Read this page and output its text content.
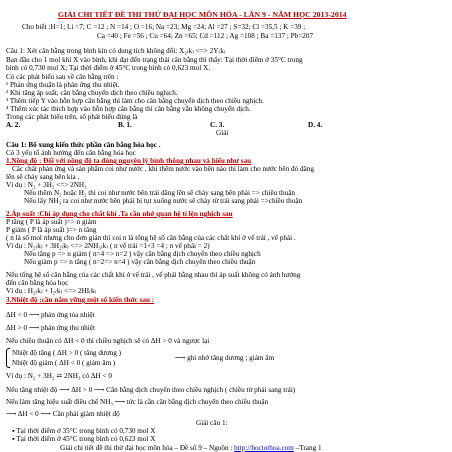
GIẢI CHI TIẾT ĐỀ THI THỬ ĐẠI HỌC MÔN HÓA - LẦN 9 - NĂM HỌC 2013-2014
Cho biết :H=1; Li =7; C =12 ; N =14 ; O =16; Na =23; Mg =24; Al =27 ; S=32; Cl =35,5 ; K =39 ;
Ca =40 ; Fe =56 ; Cu =64; Zn =65; Cd =112 ; Ag =108 ; Ba =137 ; Pb=207
Câu 1: Xét cân bằng trong bình kín có dung tích không đổi: X₂₍k₎ <=> 2Y₍k₎
Ban đầu cho 1 mol khí X vào bình, khi đạt đến trạng thái cân bằng thì thấy: Tại thời điểm ở 35°C trong
bình có 0,730 mol X; Tại thời điểm ở 45°C trong bình có 0,623 mol X.
Có các phát biểu sau về cân bằng trên :
¹ Phản ứng thuận là phản ứng thu nhiệt.
² Khi tăng áp suất, cân bằng chuyển dịch theo chiều nghịch.
³ Thêm tiếp Y vào hỗn hợp cân bằng thì làm cho cân bằng chuyển dịch theo chiều nghịch.
⁴ Thêm xúc tác thích hợp vào hỗn hợp cân bằng thì cân bằng vẫn không chuyển dịch.
Trong các phát biểu trên, số phát biểu đúng là
A. 2.	B. 1.	C. 3.	D. 4.
Giải
Câu 1: Bổ xung kiến thức phần cân bằng hóa học .
Có 3 yếu tố ảnh hưởng đến cân bằng hóa học
1.Nồng độ : Đối với nồng độ ta dùng nguyên lý bình thông nhau và hiểu như sau
Các chất phản ứng và sản phẩm coi như nước , khi thêm nước vào bên nào thì làm cho nước bên đó dâng
lên sẽ chảy sang bên kia .
Ví dụ : N₂ + 3H₂ <=> 2NH₃
Nếu thêm N₂ hoặc H₂ thì coi như nước bên trái dâng lên sẽ chảy sang bên phải => chiều thuận
Nếu lấy NH₃ ra coi như nước bên phải bị tụt xuống nước sẽ chảy từ trái sang phải =>chiều thuận
2.Áp suất :Chỉ áp dụng cho chất khí .Ta cần nhớ quan hệ tỉ lện nghịch sau
P tăng ( P là áp suất )=> n giảm
P giảm ( P là áp suất )=> n tăng
( n là số mol nhưng cho đơn giản thì coi n là tổng hệ số cân bằng của các chất khí ở vế trái , vế phải .
Ví dụ : N₂₍k₎ + 3H₂₍k₎ <=> 2NH₃₍k₎ ( n vế trái =1+3 =4 ; n vế phải = 2)
Nếu tăng p => n giảm ( n=4 => n=2 ) vậy cân bằng dịch chuyển theo chiều nghịch
Nếu giảm p => n tăng ( n=2=> n=4 ) vậy cân bằng dịch chuyển theo chiều thuận
Nếu tổng hệ số cân bằng của các chất khí ở vế trái , vế phải bằng nhau thì áp suất không có ảnh hưởng
đến cân bằng hóa học
Ví dụ : H₂₍k₎ + I₂₍k₎ <=> 2HI₍k₎
3.Nhiệt độ :cần nắm vững một số kiến thức sau :
ΔH < 0 ⟶ phản ứng tỏa nhiệt
ΔH > 0 ⟶ phản ứng thu nhiệt
Nếu chiều thuận có ΔH < 0 thì chiều nghịch sẽ có ΔH > 0 và ngược lại
Nhiệt độ tăng ( ΔH > 0 ( tăng dương )
Nhiệt độ giảm ( ΔH < 0 ( giảm âm )
⟶ ghi nhớ tăng dương ; giảm âm
Ví dụ : N₂ + 3H₂ ⇌ 2NH₃ có ΔH < 0
Nếu tăng nhiệt độ ⟶ ΔH > 0 ⟶ Cân bằng dịch chuyển theo chiều nghịch ( chiều từ phải sang trái)
Nếu làm tăng hiệu suất điều chế NH₃ ⟶ tức là cần cân bằng dịch chuyển theo chiều thuận
⟶ ΔH < 0 ⟶ Cần phải giảm nhiệt độ
Giải câu 1:
▪ Tại thời điểm ở 35°C trong bình có 0,730 mol X
▪ Tại thời điểm ở 45°C trong bình có 0,623 mol X
Giải chi tiết đề thi thử đại học môn hóa – Đề số 9 – Nguồn : http://hoctothoa.com –Trang 1
